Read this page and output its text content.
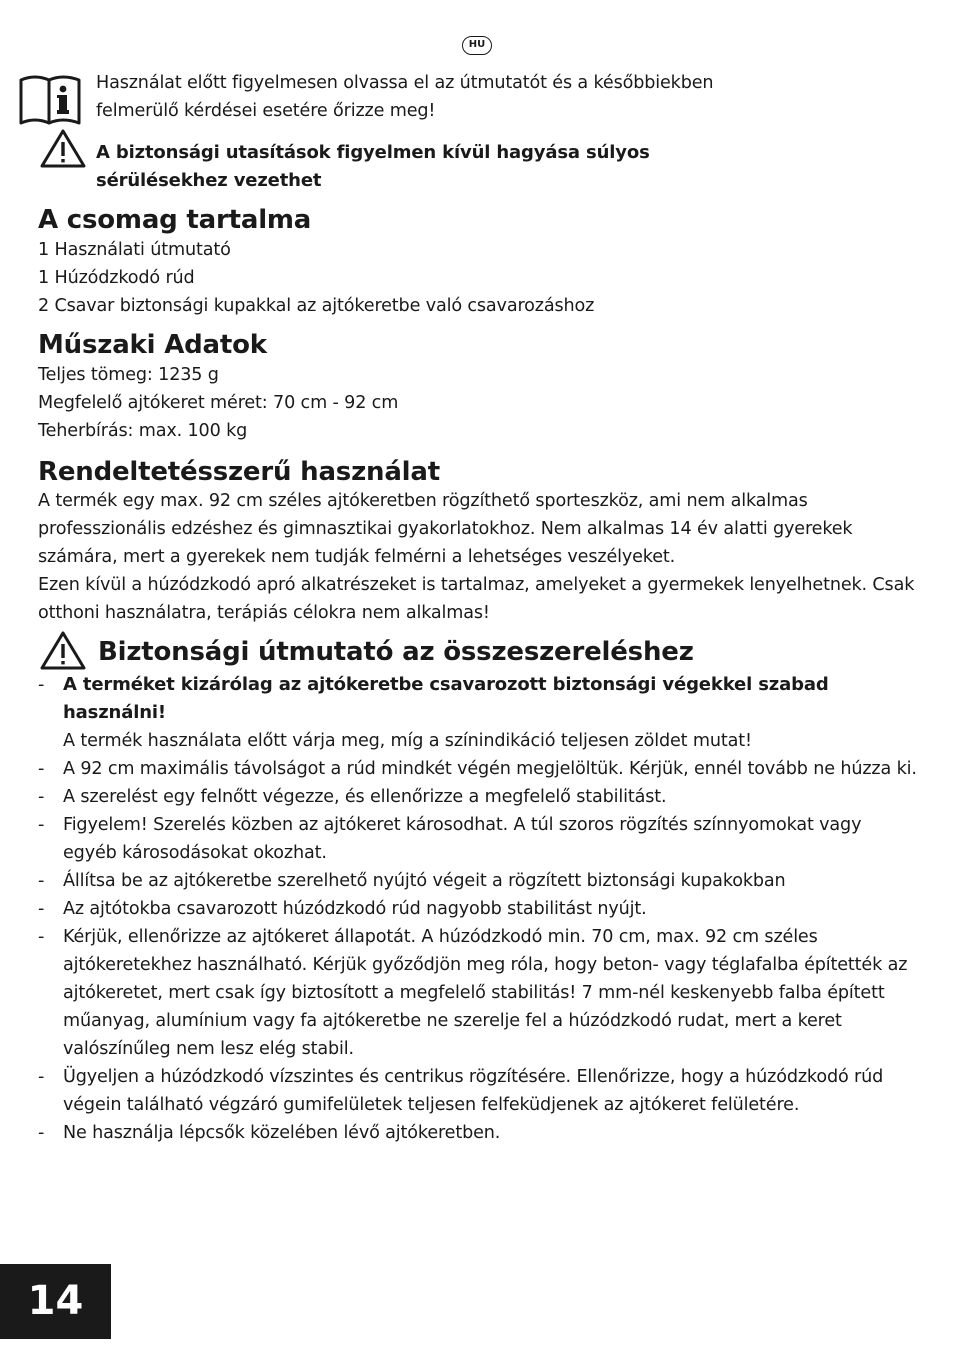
HU

Használat előtt figyelmesen olvassa el az útmutatót és a későbbiekben felmerülő kérdései esetére őrizze meg!

A biztonsági utasítások figyelmen kívül hagyása súlyos sérülésekhez vezethet

A csomag tartalma
1 Használati útmutató
1 Húzódzkodó rúd
2 Csavar biztonsági kupakkal az ajtókeretbe való csavarozáshoz
Műszaki Adatok
Teljes tömeg: 1235 g
Megfelelő ajtókeret méret: 70 cm - 92 cm
Teherbírás: max. 100 kg
Rendeltetésszerű használat

A termék egy max. 92 cm széles ajtókeretben rögzíthető sporteszköz, ami nem alkalmas professzionális edzéshez és gimnasztikai gyakorlatokhoz. Nem alkalmas 14 év alatti gyerekek számára, mert a gyerekek nem tudják felmérni a lehetséges veszélyeket.

Ezen kívül a húzódzkodó apró alkatrészeket is tartalmaz, amelyeket a gyermekek lenyelhetnek. Csak otthoni használatra, terápiás célokra nem alkalmas!

Biztonsági útmutató az összeszereléshez
-	A terméket kizárólag az ajtókeretbe csavarozott biztonsági végekkel szabad használni!
A termék használata előtt várja meg, míg a színindikáció teljesen zöldet mutat!
-	A 92 cm maximális távolságot a rúd mindkét végén megjelöltük. Kérjük, ennél tovább ne húzza ki.
-	A szerelést egy felnőtt végezze, és ellenőrizze a megfelelő stabilitást.
-	Figyelem! Szerelés közben az ajtókeret károsodhat. A túl szoros rögzítés színnyomokat vagy egyéb károsodásokat okozhat.
-	Állítsa be az ajtókeretbe szerelhető nyújtó végeit a rögzített biztonsági kupakokban
-	Az ajtótokba csavarozott húzódzkodó rúd nagyobb stabilitást nyújt.
-	Kérjük, ellenőrizze az ajtókeret állapotát. A húzódzkodó min. 70 cm, max. 92 cm széles ajtókeretekhez használható. Kérjük győződjön meg róla, hogy beton- vagy téglafalba építették az ajtókeretet, mert csak így biztosított a megfelelő stabilitás! 7 mm-nél keskenyebb falba épített műanyag, alumínium vagy fa ajtókeretbe ne szerelje fel a húzódzkodó rudat, mert a keret valószínűleg nem lesz elég stabil.
-	Ügyeljen a húzódzkodó vízszintes és centrikus rögzítésére. Ellenőrizze, hogy a húzódzkodó rúd végein található végzáró gumifelületek teljesen felfeküdjenek az ajtókeret felületére.
-	Ne használja lépcsők közelében lévő ajtókeretben.
14
